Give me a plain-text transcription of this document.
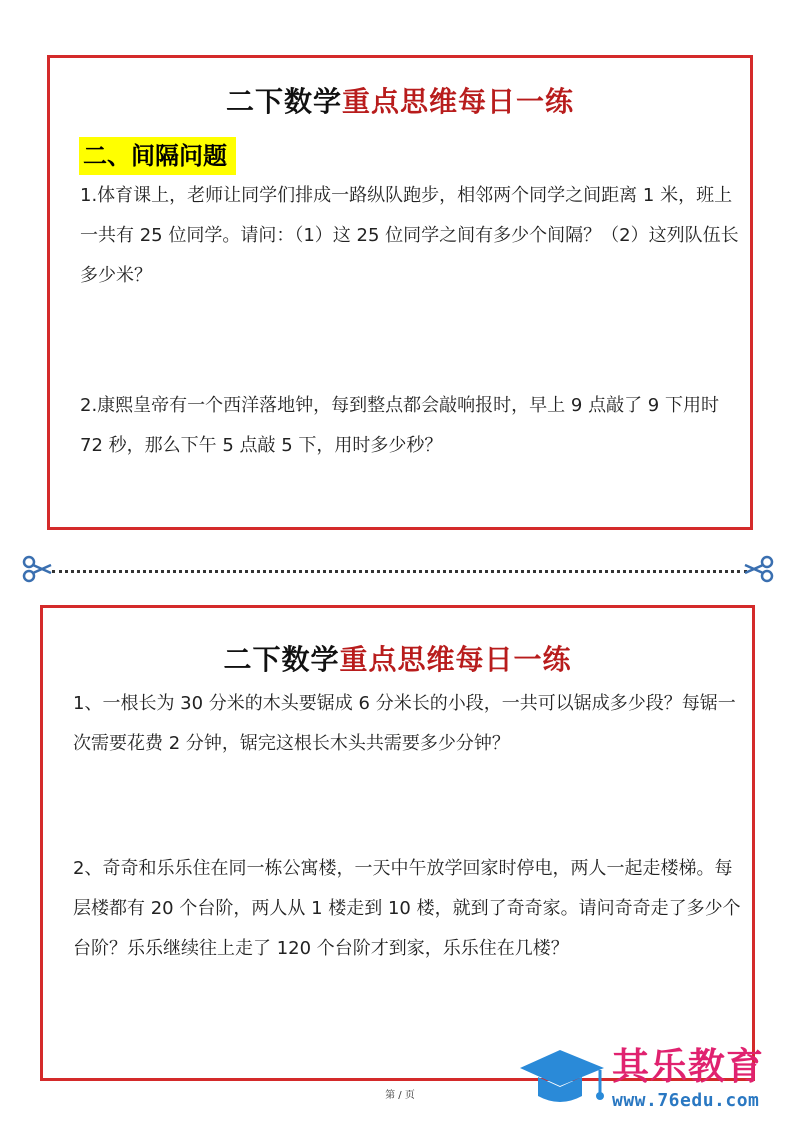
二下数学重点思维每日一练
二、间隔问题

1.体育课上，老师让同学们排成一路纵队跑步，相邻两个同学之间距离 1 米，班上一共有 25 位同学。请问：（1）这 25 位同学之间有多少个间隔？（2）这列队伍长多少米？

2.康熙皇帝有一个西洋落地钟，每到整点都会敲响报时，早上 9 点敲了 9 下用时 72 秒，那么下午 5 点敲 5 下，用时多少秒？

二下数学重点思维每日一练

1、一根长为 30 分米的木头要锯成 6 分米长的小段，一共可以锯成多少段？每锯一次需要花费 2 分钟，锯完这根长木头共需要多少分钟？

2、奇奇和乐乐住在同一栋公寓楼，一天中午放学回家时停电，两人一起走楼梯。每层楼都有 20 个台阶，两人从 1 楼走到 10 楼，就到了奇奇家。请问奇奇走了多少个台阶？乐乐继续往上走了 120 个台阶才到家，乐乐住在几楼？

第 / 页
其乐教育
www.76edu.com
